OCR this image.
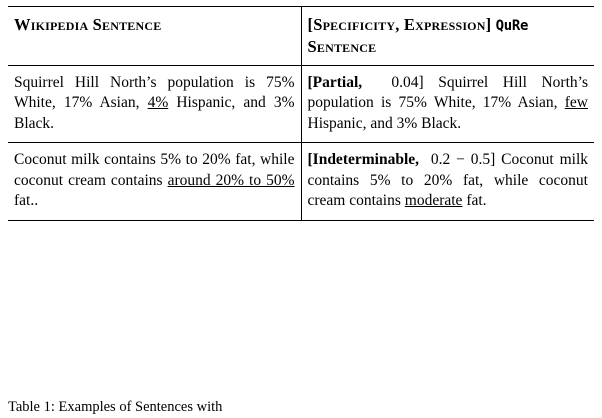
Wikipedia Sentence	[Specificity, Expression] QuRe Sentence

Squirrel Hill North’s population is 75% White, 17% Asian, 4% Hispanic, and 3% Black.	[Partial, 0.04] Squirrel Hill North’s population is 75% White, 17% Asian, few Hispanic, and 3% Black.

Coconut milk contains 5% to 20% fat, while coconut cream contains around 20% to 50% fat..	[Indeterminable, 0.2 − 0.5] Coconut milk contains 5% to 20% fat, while coconut cream contains moderate fat.
Table 1: Examples of Sentences with
